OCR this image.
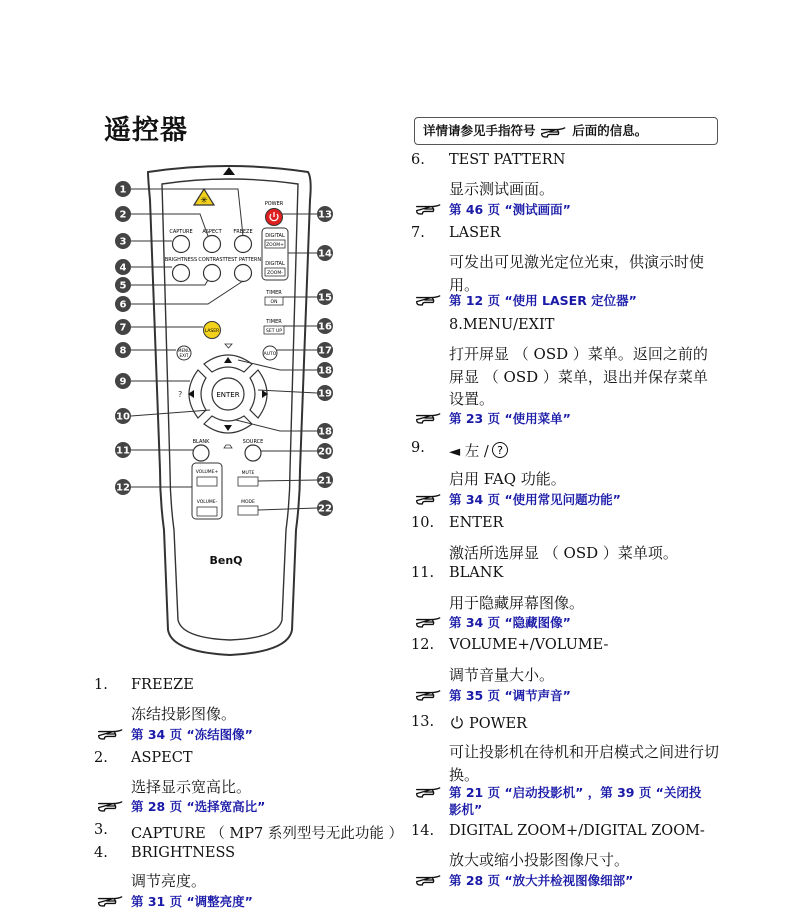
遥控器	详情请参见手指符号	后面的信息。
✳	POWER
DIGITAL
ZOOM+
DIGITAL
ZOOM-
CAPTURE ASPECT FREEZE
BRIGHTNESS CONTRAST TEST PATTERN
TIMER
ON
TIMER
SET UP
LASER
MENU
EXIT	AUTO
ENTER
?
BLANK	SOURCE
VOLUME+
VOLUME-
MUTE
MODE
BenQ
1
2
3
4
5
6
7
8
9
10
11
12
13
14
15
16
17
18
19
18
20
21
22
1. FREEZE
冻结投影图像。
第 34 页 “冻结图像”
2. ASPECT
选择显示宽高比。
第 28 页 “选择宽高比”
3. CAPTURE （ MP7 系列型号无此功能 ）
4. BRIGHTNESS
调节亮度。
第 31 页 “调整亮度”
6. TEST PATTERN
显示测试画面。
第 46 页 “测试画面”
7. LASER
可发出可见激光定位光束，供演示时使用。
第 12 页 “使用 LASER 定位器”
8.MENU/EXIT
打开屏显 （ OSD ）菜单。返回之前的屏显 （ OSD ）菜单，退出并保存菜单设置。
第 23 页 “使用菜单”
9. ◄ 左 / ?
启用 FAQ 功能。
第 34 页 “使用常见问题功能”
10. ENTER
激活所选屏显 （ OSD ）菜单项。
11. BLANK
用于隐藏屏幕图像。
第 34 页 “隐藏图像”
12. VOLUME+/VOLUME-
调节音量大小。
第 35 页 “调节声音”
13.	POWER
可让投影机在待机和开启模式之间进行切换。
第 21 页 “启动投影机” ，第 39 页 “关闭投影机”
14. DIGITAL ZOOM+/DIGITAL ZOOM-
放大或缩小投影图像尺寸。
第 28 页 “放大并检视图像细部”
